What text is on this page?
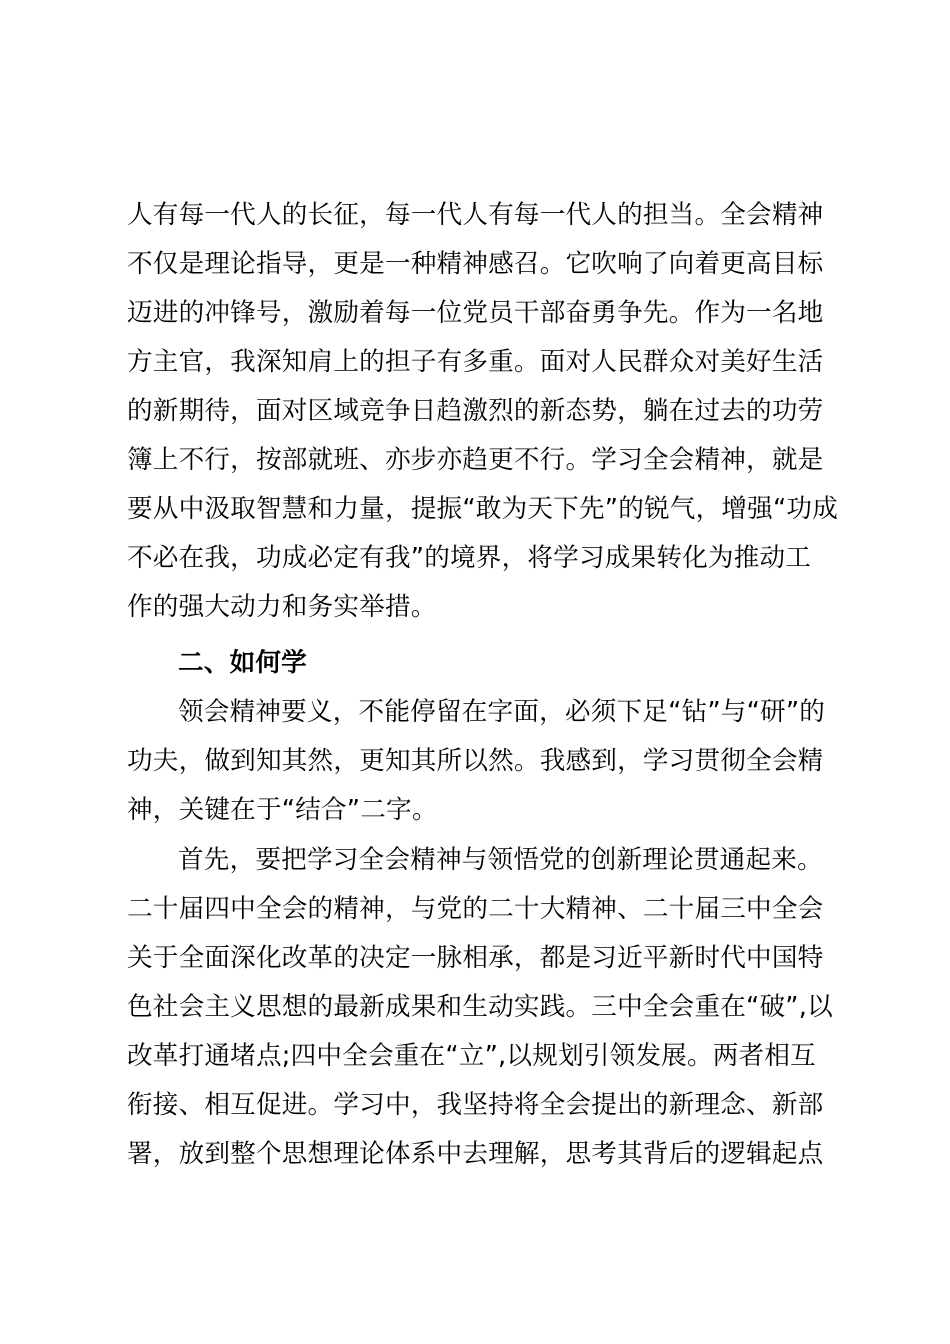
人有每一代人的长征，每一代人有每一代人的担当。全会精神
不仅是理论指导，更是一种精神感召。它吹响了向着更高目标
迈进的冲锋号，激励着每一位党员干部奋勇争先。作为一名地
方主官，我深知肩上的担子有多重。面对人民群众对美好生活
的新期待，面对区域竞争日趋激烈的新态势，躺在过去的功劳
簿上不行，按部就班、亦步亦趋更不行。学习全会精神，就是
要从中汲取智慧和力量，提振“敢为天下先”的锐气，增强“功成
不必在我，功成必定有我”的境界，将学习成果转化为推动工
作的强大动力和务实举措。
二、如何学
领会精神要义，不能停留在字面，必须下足“钻”与“研”的
功夫，做到知其然，更知其所以然。我感到，学习贯彻全会精
神，关键在于“结合”二字。
首先，要把学习全会精神与领悟党的创新理论贯通起来。
二十届四中全会的精神，与党的二十大精神、二十届三中全会
关于全面深化改革的决定一脉相承，都是习近平新时代中国特
色社会主义思想的最新成果和生动实践。三中全会重在“破”,以
改革打通堵点;四中全会重在“立”,以规划引领发展。两者相互
衔接、相互促进。学习中，我坚持将全会提出的新理念、新部
署，放到整个思想理论体系中去理解，思考其背后的逻辑起点
